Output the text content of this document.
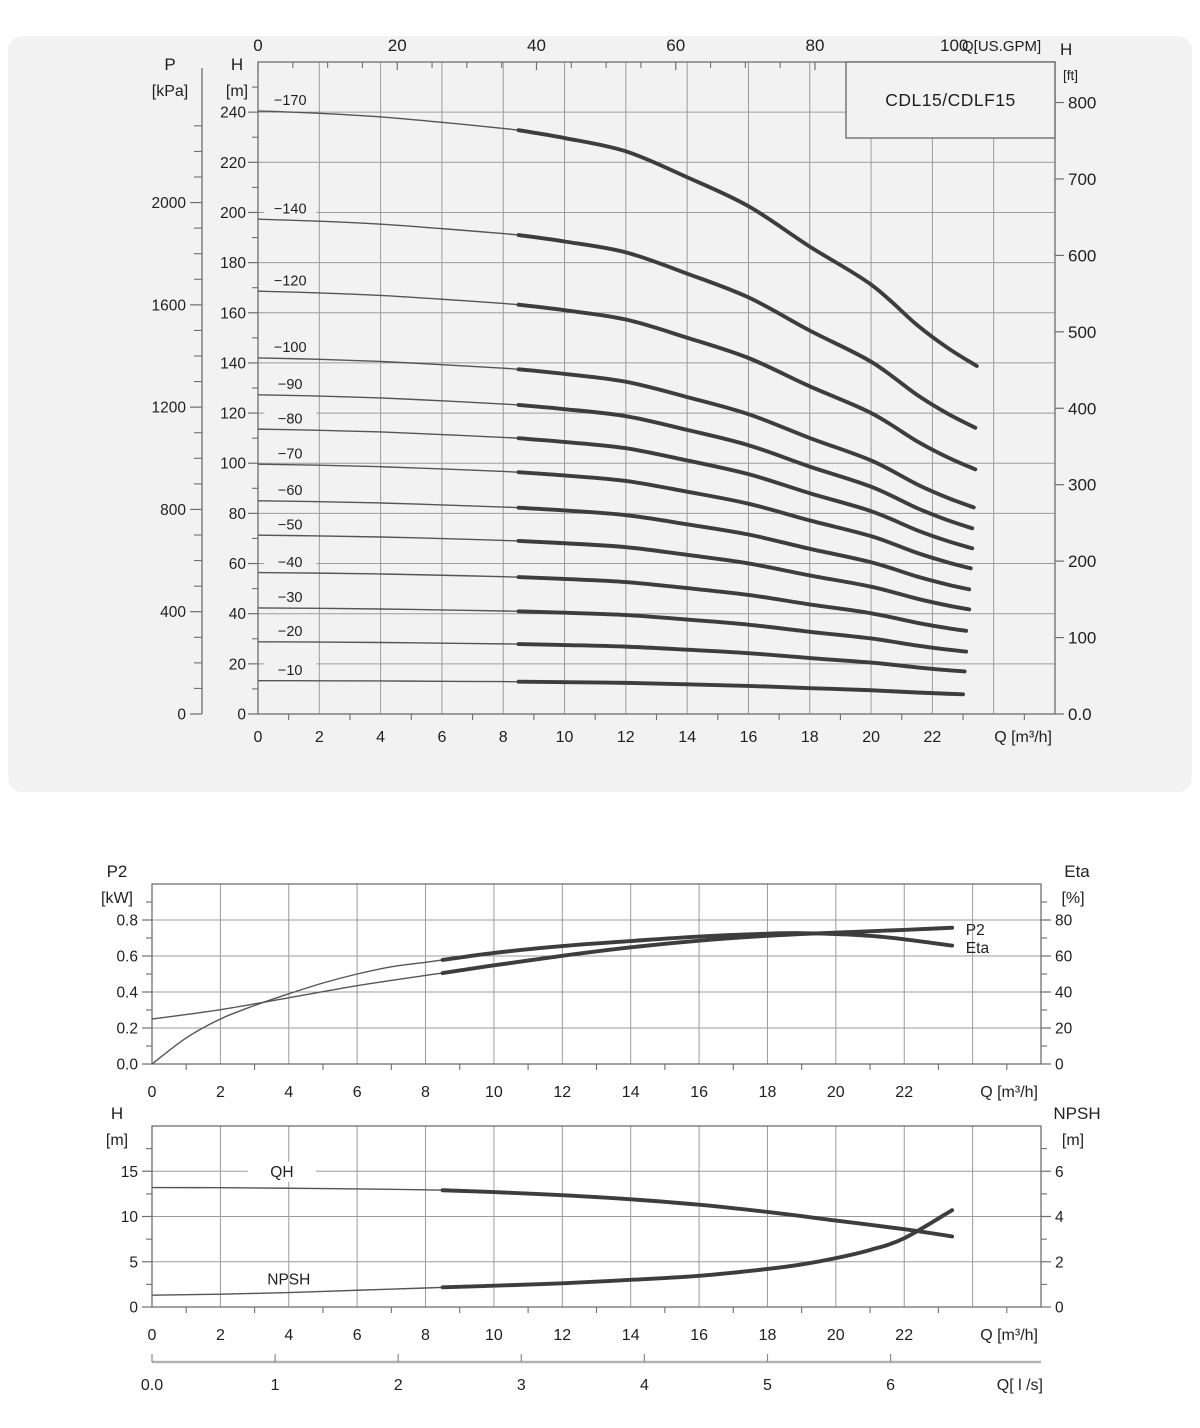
−10
−20
−30
−40
−50
−60
−70
−80
−90
−100
−120
−140
−170
0	2	4	6	8	10	12	14	16	18	20	22	Q [m³/h]
0
20
40
60
80
100
120
140
160
180
200
220
240
H
[m]
0
400
800
1200
1600
2000
P
[kPa]
0	20	40	60	80	100
Q[US.GPM] H
[ft]
800
700
600
500
400
300
200
100
0.0
CDL15/CDLF15
P2
Eta
0	2	4	6	8	10	12	14	16	18	20	22	Q [m³/h]
0.0
0.2
0.4
0.6
0.8
P2
[kW]
0
20
40
60
80
Eta
[%]
QH
NPSH
0	2	4	6	8	10	12	14	16	18	20	22	Q [m³/h]
0
5
10
15
H
[m]
0
2
4
6
NPSH
[m]
0.0	1	2	3	4	5	6	Q[ l /s]
